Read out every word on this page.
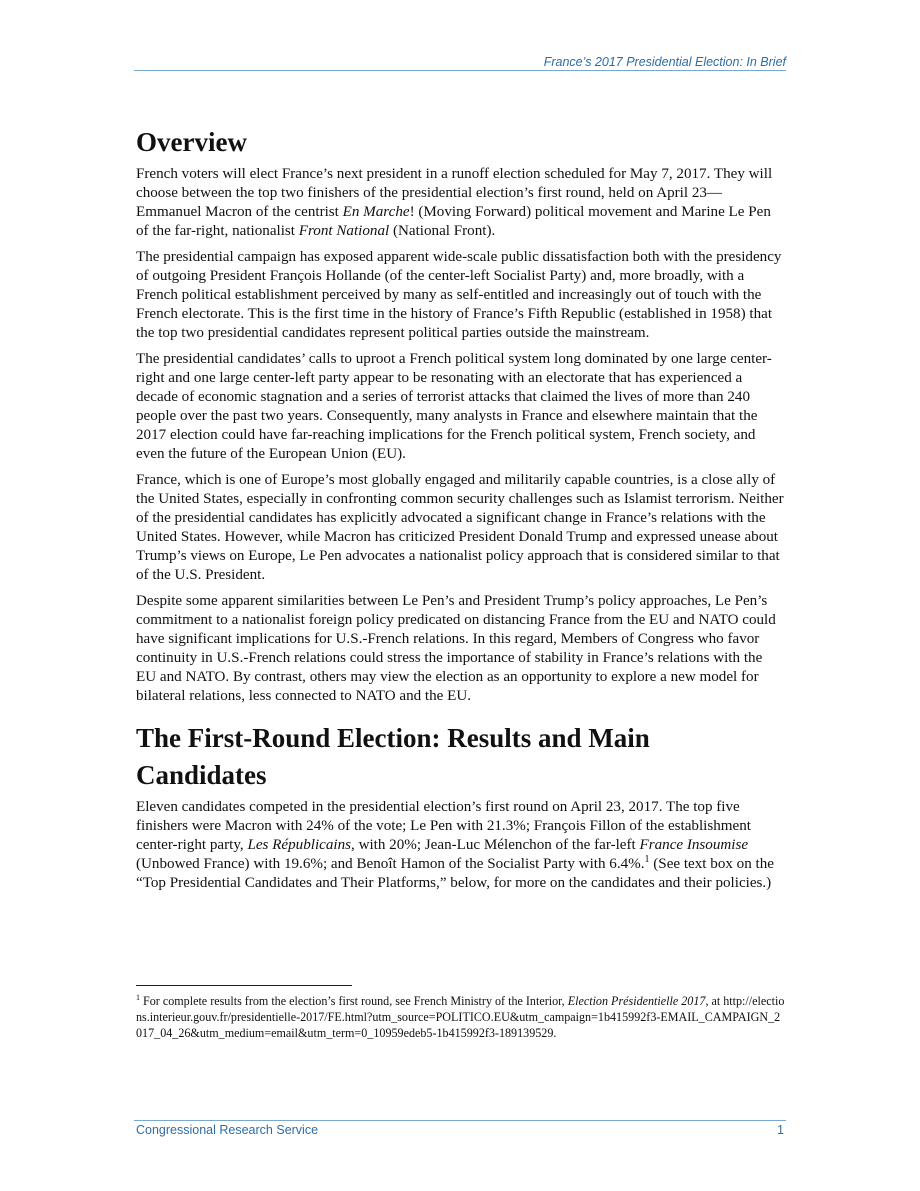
France’s 2017 Presidential Election: In Brief
Overview

French voters will elect France’s next president in a runoff election scheduled for May 7, 2017. They will choose between the top two finishers of the presidential election’s first round, held on April 23—Emmanuel Macron of the centrist En Marche! (Moving Forward) political movement and Marine Le Pen of the far-right, nationalist Front National (National Front).

The presidential campaign has exposed apparent wide-scale public dissatisfaction both with the presidency of outgoing President François Hollande (of the center-left Socialist Party) and, more broadly, with a French political establishment perceived by many as self-entitled and increasingly out of touch with the French electorate. This is the first time in the history of France’s Fifth Republic (established in 1958) that the top two presidential candidates represent political parties outside the mainstream.

The presidential candidates’ calls to uproot a French political system long dominated by one large center-right and one large center-left party appear to be resonating with an electorate that has experienced a decade of economic stagnation and a series of terrorist attacks that claimed the lives of more than 240 people over the past two years. Consequently, many analysts in France and elsewhere maintain that the 2017 election could have far-reaching implications for the French political system, French society, and even the future of the European Union (EU).

France, which is one of Europe’s most globally engaged and militarily capable countries, is a close ally of the United States, especially in confronting common security challenges such as Islamist terrorism. Neither of the presidential candidates has explicitly advocated a significant change in France’s relations with the United States. However, while Macron has criticized President Donald Trump and expressed unease about Trump’s views on Europe, Le Pen advocates a nationalist policy approach that is considered similar to that of the U.S. President.

Despite some apparent similarities between Le Pen’s and President Trump’s policy approaches, Le Pen’s commitment to a nationalist foreign policy predicated on distancing France from the EU and NATO could have significant implications for U.S.-French relations. In this regard, Members of Congress who favor continuity in U.S.-French relations could stress the importance of stability in France’s relations with the EU and NATO. By contrast, others may view the election as an opportunity to explore a new model for bilateral relations, less connected to NATO and the EU.

The First-Round Election: Results and Main Candidates

Eleven candidates competed in the presidential election’s first round on April 23, 2017. The top five finishers were Macron with 24% of the vote; Le Pen with 21.3%; François Fillon of the establishment center-right party, Les Républicains, with 20%; Jean-Luc Mélenchon of the far-left France Insoumise (Unbowed France) with 19.6%; and Benoît Hamon of the Socialist Party with 6.4%.$^1$ (See text box on the “Top Presidential Candidates and Their Platforms,” below, for more on the candidates and their policies.)

$^1$ For complete results from the election’s first round, see French Ministry of the Interior, Election Présidentielle 2017, at http://elections.interieur.gouv.fr/presidentielle-2017/FE.html?utm_source=POLITICO.EU&utm_campaign=1b415992f3-EMAIL_CAMPAIGN_2017_04_26&utm_medium=email&utm_term=0_10959edeb5-1b415992f3-189139529.
Congressional Research Service	1
